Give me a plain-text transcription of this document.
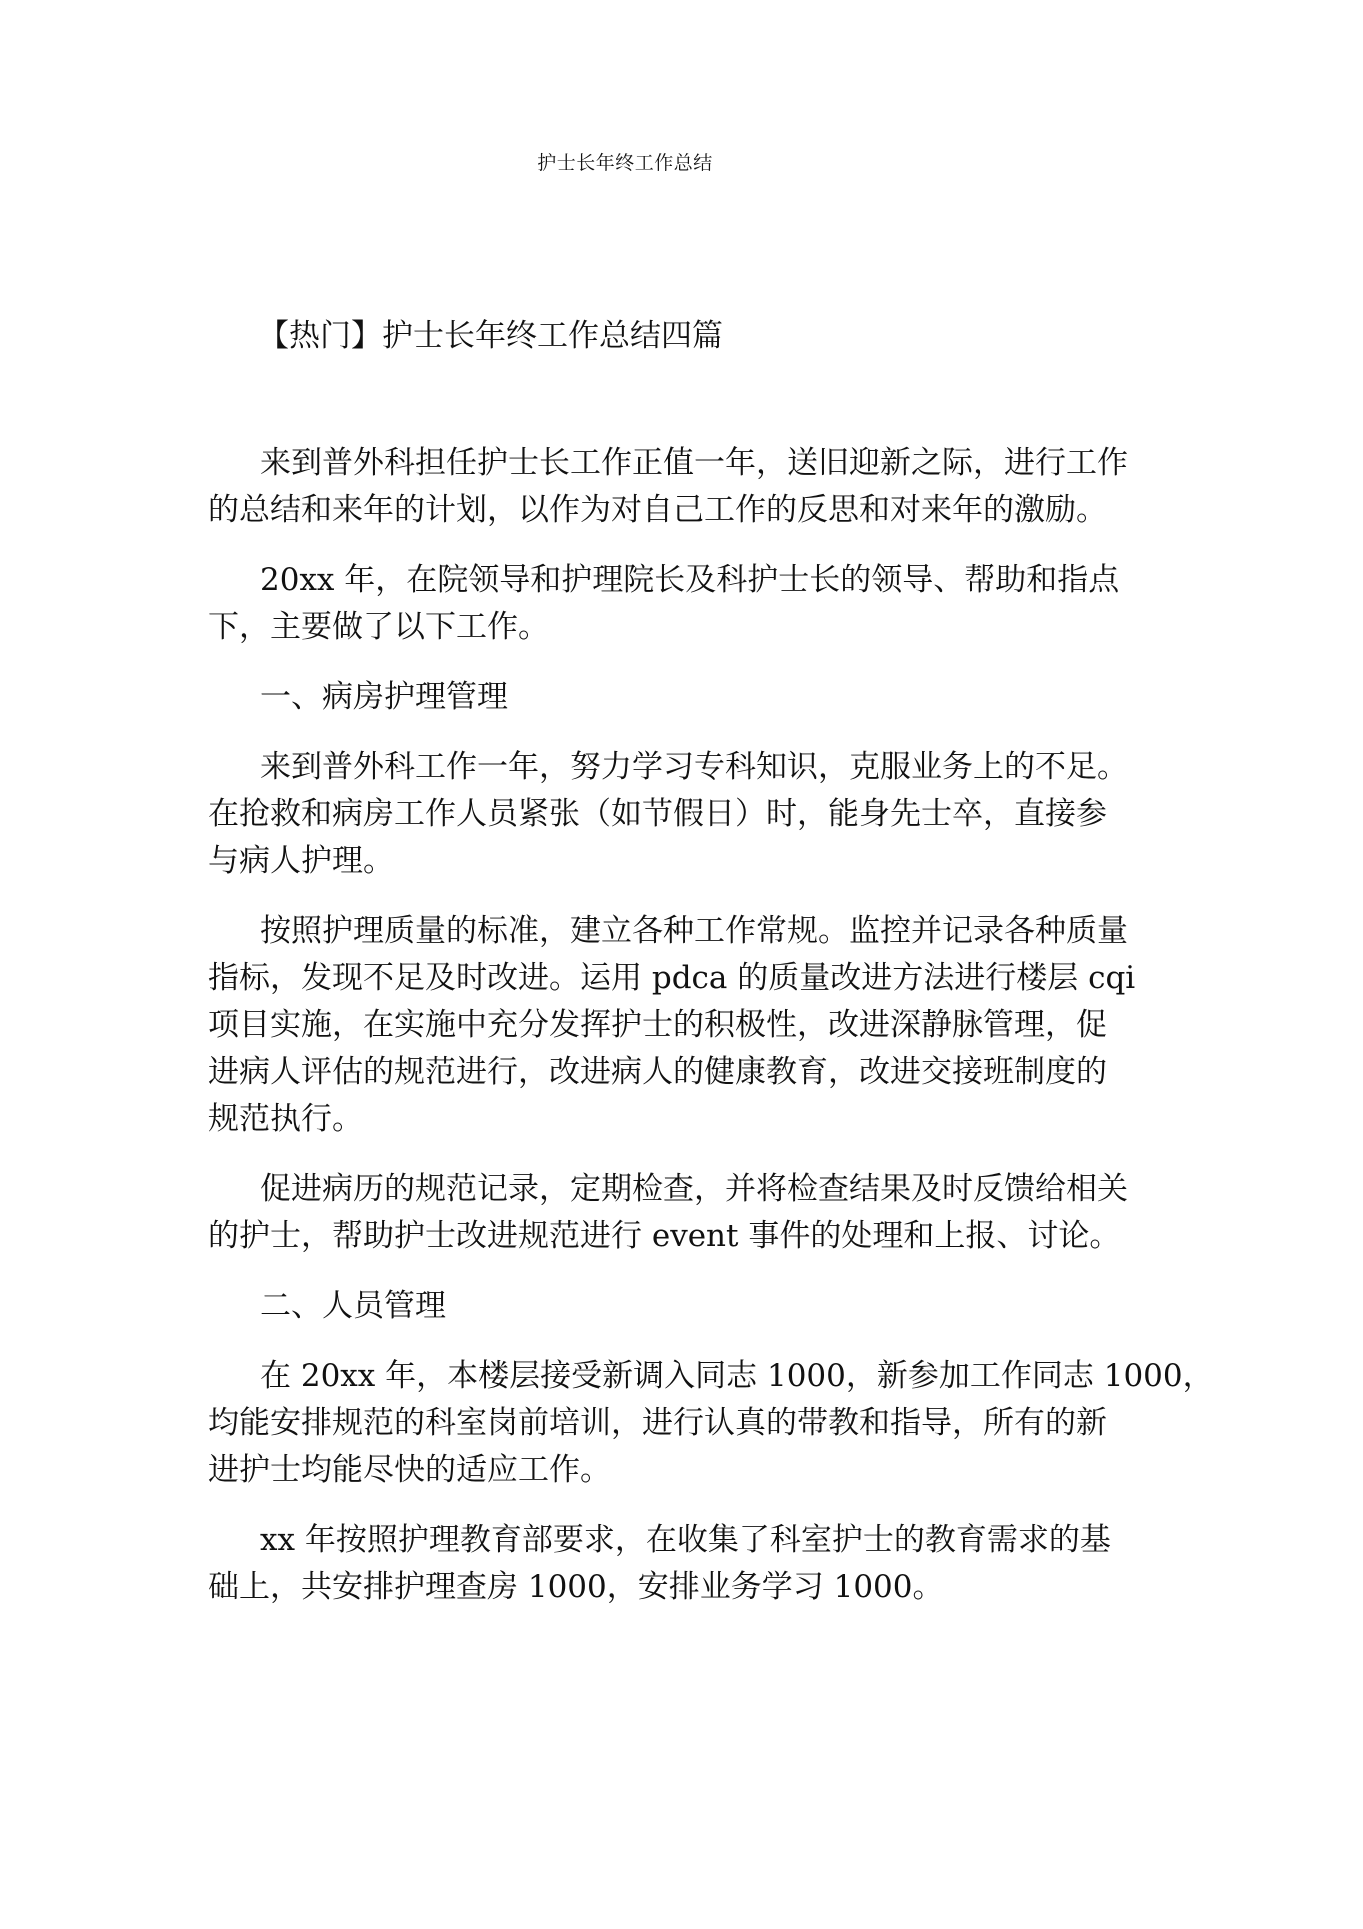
护士长年终工作总结
【热门】护士长年终工作总结四篇

来到普外科担任护士长工作正值一年，送旧迎新之际，进行工作
的总结和来年的计划，以作为对自己工作的反思和对来年的激励。

20xx 年，在院领导和护理院长及科护士长的领导、帮助和指点
下，主要做了以下工作。

一、病房护理管理

来到普外科工作一年，努力学习专科知识，克服业务上的不足。
在抢救和病房工作人员紧张（如节假日）时，能身先士卒，直接参
与病人护理。

按照护理质量的标准，建立各种工作常规。监控并记录各种质量
指标，发现不足及时改进。运用 pdca 的质量改进方法进行楼层 cqi
项目实施，在实施中充分发挥护士的积极性，改进深静脉管理，促
进病人评估的规范进行，改进病人的健康教育，改进交接班制度的
规范执行。

促进病历的规范记录，定期检查，并将检查结果及时反馈给相关
的护士，帮助护士改进规范进行 event 事件的处理和上报、讨论。

二、人员管理

在 20xx 年，本楼层接受新调入同志 1000，新参加工作同志 1000，
均能安排规范的科室岗前培训，进行认真的带教和指导，所有的新
进护士均能尽快的适应工作。

xx 年按照护理教育部要求，在收集了科室护士的教育需求的基
础上，共安排护理查房 1000，安排业务学习 1000。
